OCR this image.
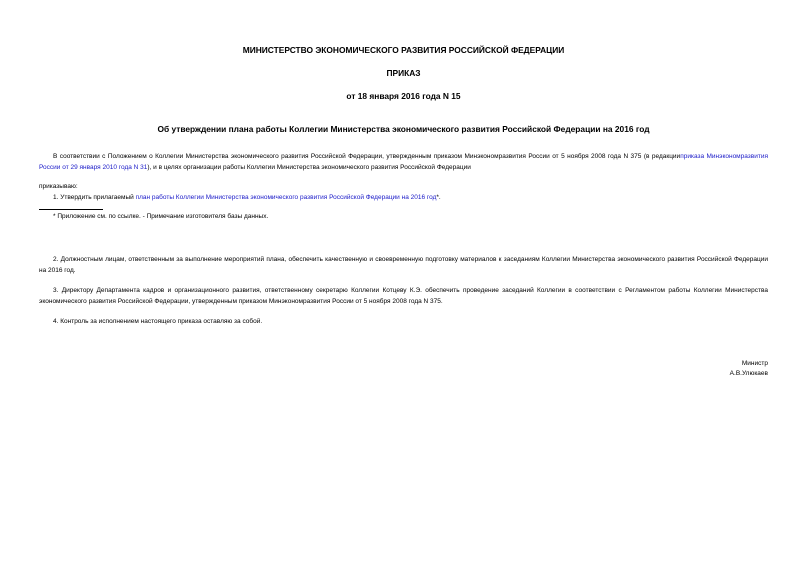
МИНИСТЕРСТВО ЭКОНОМИЧЕСКОГО РАЗВИТИЯ РОССИЙСКОЙ ФЕДЕРАЦИИ
ПРИКАЗ
от 18 января 2016 года N 15
Об утверждении плана работы Коллегии Министерства экономического развития Российской Федерации на 2016 год
В соответствии с Положением о Коллегии Министерства экономического развития Российской Федерации, утвержденным приказом Минэкономразвития России от 5 ноября 2008 года N 375 (в редакцииприказа Минэкономразвития России от 29 января 2010 года N 31), и в целях организации работы Коллегии Министерства экономического развития Российской Федерации
приказываю:
1. Утвердить прилагаемый план работы Коллегии Министерства экономического развития Российской Федерации на 2016 год*.
* Приложение см. по ссылке. - Примечание изготовителя базы данных.
2. Должностным лицам, ответственным за выполнение мероприятий плана, обеспечить качественную и своевременную подготовку материалов к заседаниям Коллегии Министерства экономического развития Российской Федерации на 2016 год.
3. Директору Департамента кадров и организационного развития, ответственному секретарю Коллегии Котцеву К.Э. обеспечить проведение заседаний Коллегии в соответствии с Регламентом работы Коллегии Министерства экономического развития Российской Федерации, утвержденным приказом Минэкономразвития России от 5 ноября 2008 года N 375.
4. Контроль за исполнением настоящего приказа оставляю за собой.
Министр
А.В.Улюкаев
